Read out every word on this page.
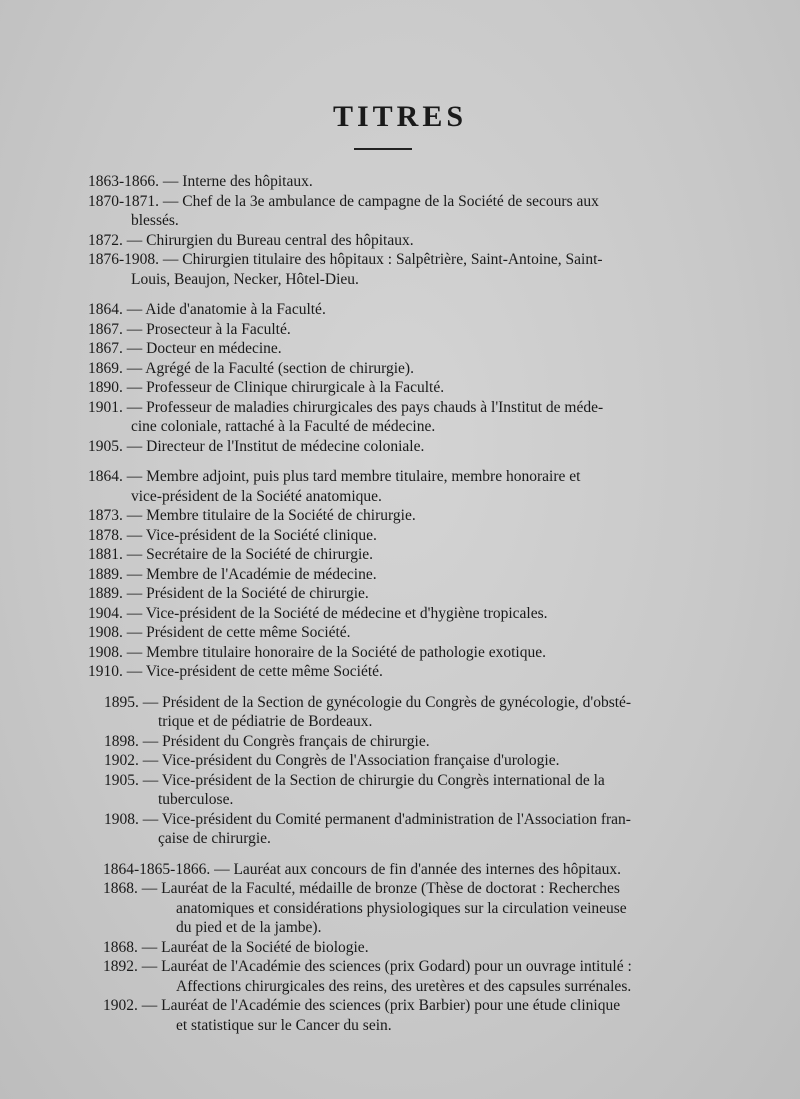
TITRES
1863-1866. — Interne des hôpitaux.
1870-1871. — Chef de la 3e ambulance de campagne de la Société de secours aux
blessés.
1872. — Chirurgien du Bureau central des hôpitaux.
1876-1908. — Chirurgien titulaire des hôpitaux : Salpêtrière, Saint-Antoine, Saint-
Louis, Beaujon, Necker, Hôtel-Dieu.
1864. — Aide d'anatomie à la Faculté.
1867. — Prosecteur à la Faculté.
1867. — Docteur en médecine.
1869. — Agrégé de la Faculté (section de chirurgie).
1890. — Professeur de Clinique chirurgicale à la Faculté.
1901. — Professeur de maladies chirurgicales des pays chauds à l'Institut de méde-
cine coloniale, rattaché à la Faculté de médecine.
1905. — Directeur de l'Institut de médecine coloniale.
1864. — Membre adjoint, puis plus tard membre titulaire, membre honoraire et
vice-président de la Société anatomique.
1873. — Membre titulaire de la Société de chirurgie.
1878. — Vice-président de la Société clinique.
1881. — Secrétaire de la Société de chirurgie.
1889. — Membre de l'Académie de médecine.
1889. — Président de la Société de chirurgie.
1904. — Vice-président de la Société de médecine et d'hygiène tropicales.
1908. — Président de cette même Société.
1908. — Membre titulaire honoraire de la Société de pathologie exotique.
1910. — Vice-président de cette même Société.
1895. — Président de la Section de gynécologie du Congrès de gynécologie, d'obsté-
trique et de pédiatrie de Bordeaux.
1898. — Président du Congrès français de chirurgie.
1902. — Vice-président du Congrès de l'Association française d'urologie.
1905. — Vice-président de la Section de chirurgie du Congrès international de la
tuberculose.
1908. — Vice-président du Comité permanent d'administration de l'Association fran-
çaise de chirurgie.
1864-1865-1866. — Lauréat aux concours de fin d'année des internes des hôpitaux.
1868. — Lauréat de la Faculté, médaille de bronze (Thèse de doctorat : Recherches
anatomiques et considérations physiologiques sur la circulation veineuse
du pied et de la jambe).
1868. — Lauréat de la Société de biologie.
1892. — Lauréat de l'Académie des sciences (prix Godard) pour un ouvrage intitulé :
Affections chirurgicales des reins, des uretères et des capsules surrénales.
1902. — Lauréat de l'Académie des sciences (prix Barbier) pour une étude clinique
et statistique sur le Cancer du sein.
